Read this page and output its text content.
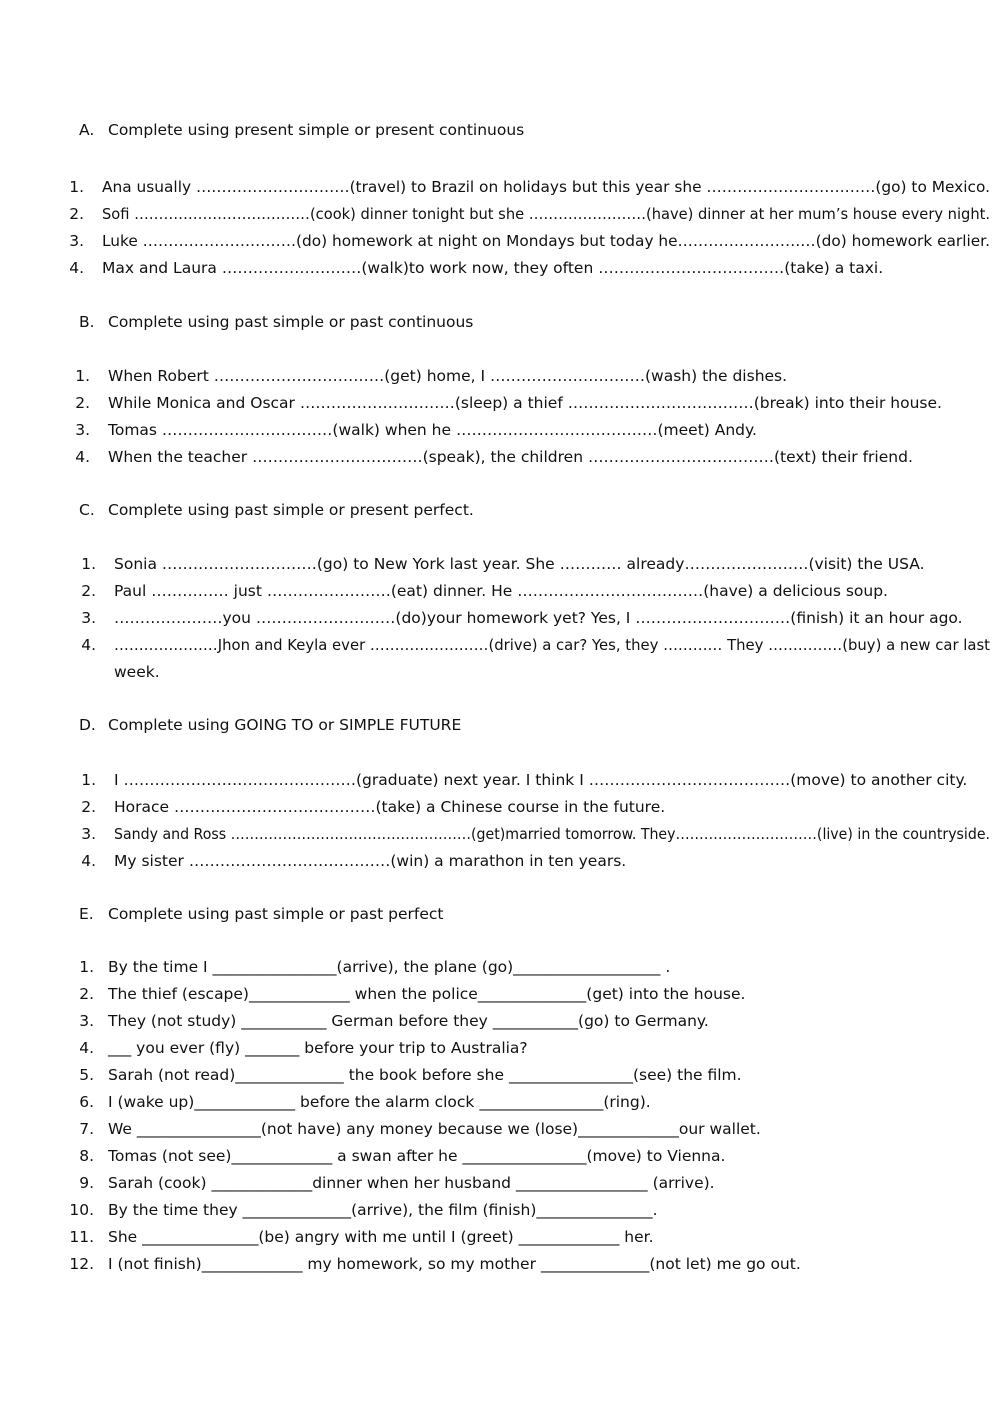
A. Complete using present simple or present continuous
1. Ana usually …………………………(travel) to Brazil on holidays but this year she ……………………………(go) to Mexico.
2. Sofi ………………………………(cook) dinner tonight but she ……………………(have) dinner at her mum’s house every night.
3. Luke …………………………(do) homework at night on Mondays but today he………………………(do) homework earlier.
4. Max and Laura ………………………(walk)to work now, they often ………………………………(take) a taxi.
B. Complete using past simple or past continuous
1. When Robert ……………………………(get) home, I …………………………(wash) the dishes.
2. While Monica and Oscar …………………………(sleep) a thief ………………………………(break) into their house.
3. Tomas ……………………………(walk) when he …………………………………(meet) Andy.
4. When the teacher ……………………………(speak), the children ………………………………(text) their friend.
C. Complete using past simple or present perfect.
1. Sonia …………………………(go) to New York last year. She ………… already……………………(visit) the USA.
2. Paul …………… just ……………………(eat) dinner. He ………………………………(have) a delicious soup.
3. …………………you ………………………(do)your homework yet? Yes, I …………………………(finish) it an hour ago.
4. …………………Jhon and Keyla ever ……………………(drive) a car? Yes, they ………… They ……………(buy) a new car last
week.
D. Complete using GOING TO or SIMPLE FUTURE
1. I ………………………………………(graduate) next year. I think I …………………………………(move) to another city.
2. Horace …………………………………(take) a Chinese course in the future.
3. Sandy and Ross ……………………………………………(get)married tomorrow. They…………………………(live) in the countryside.
4. My sister …………………………………(win) a marathon in ten years.
E. Complete using past simple or past perfect
1. By the time I ________________(arrive), the plane (go)___________________ .
2. The thief (escape)_____________ when the police______________(get) into the house.
3. They (not study) ___________ German before they ___________(go) to Germany.
4. ___ you ever (fly) _______ before your trip to Australia?
5. Sarah (not read)______________ the book before she ________________(see) the film.
6. I (wake up)_____________ before the alarm clock ________________(ring).
7. We ________________(not have) any money because we (lose)_____________our wallet.
8. Tomas (not see)_____________ a swan after he ________________(move) to Vienna.
9. Sarah (cook) _____________dinner when her husband _________________ (arrive).
10. By the time they ______________(arrive), the film (finish)_______________.
11. She _______________(be) angry with me until I (greet) _____________ her.
12. I (not finish)_____________ my homework, so my mother ______________(not let) me go out.
